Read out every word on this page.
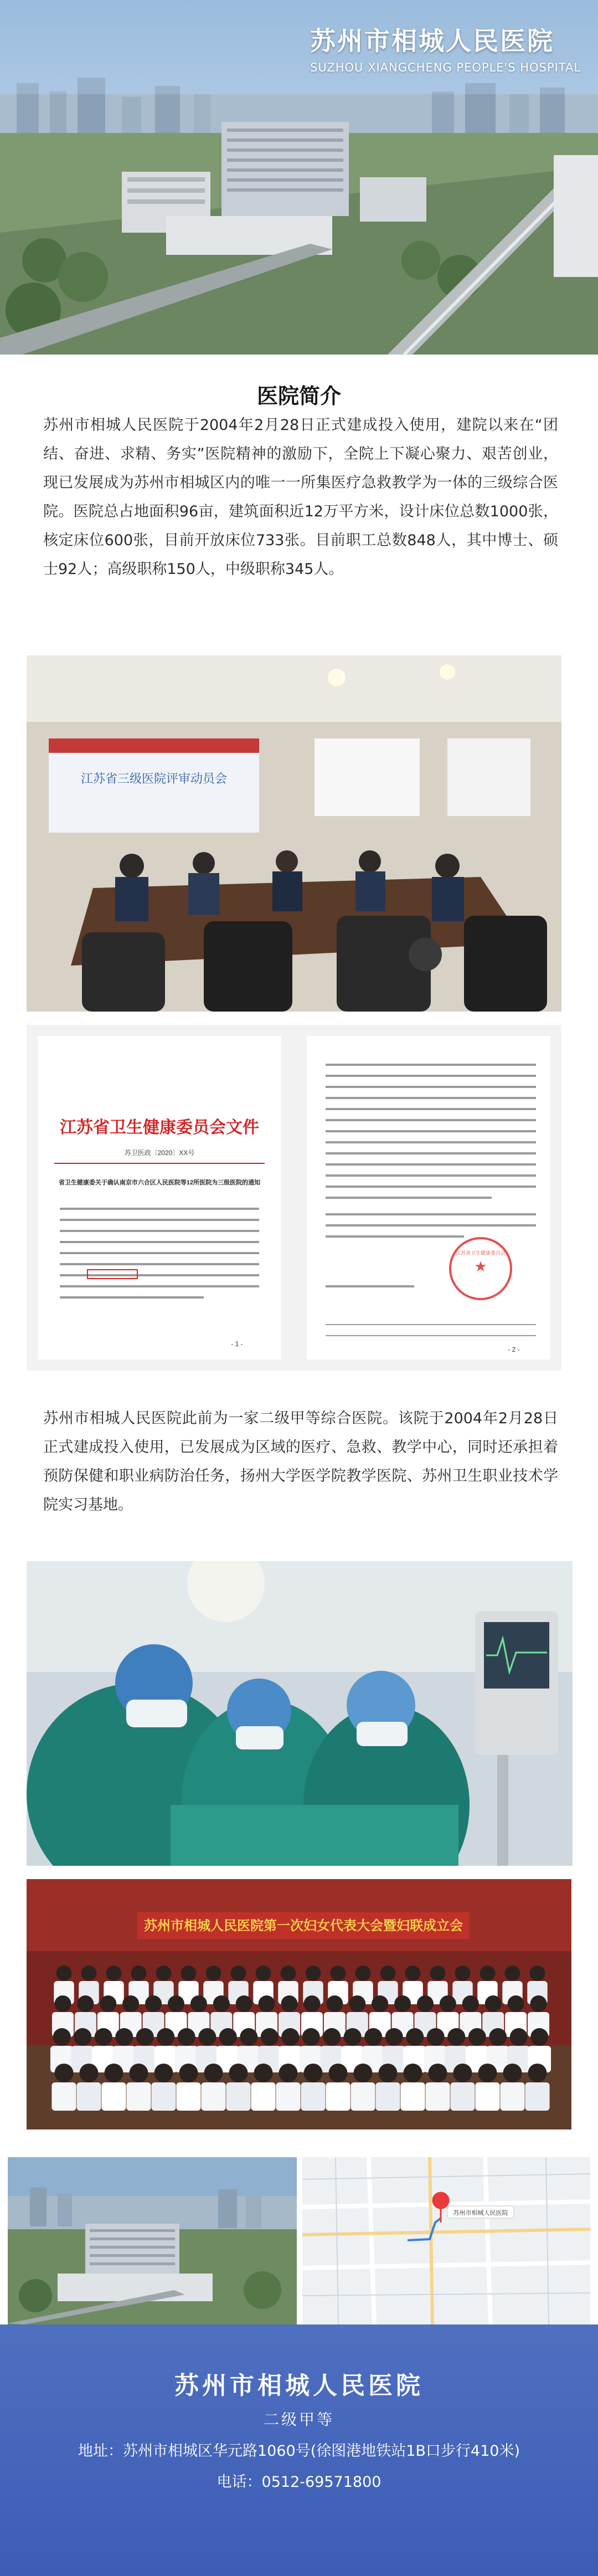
苏州市相城人民医院
SUZHOU XIANGCHENG PEOPLE'S HOSPITAL
医院简介
苏州市相城人民医院于2004年2月28日正式建成投入使用，建院以来在“团结、奋进、求精、务实”医院精神的激励下，全院上下凝心聚力、艰苦创业，现已发展成为苏州市相城区内的唯一一所集医疗急救教学为一体的三级综合医院。医院总占地面积96亩，建筑面积近12万平方米，设计床位总数1000张，核定床位600张，目前开放床位733张。目前职工总数848人，其中博士、硕士92人；高级职称150人，中级职称345人。
江苏省三级医院评审动员会
江苏省卫生健康委员会文件
苏卫医政〔2020〕XX号
省卫生健康委关于确认南京市六合区人民医院等12所医院为三级医院的通知
- 1 -
★
江苏省卫生健康委员会
- 2 -
苏州市相城人民医院此前为一家二级甲等综合医院。该院于2004年2月28日正式建成投入使用，已发展成为区域的医疗、急救、教学中心，同时还承担着预防保健和职业病防治任务，扬州大学医学院教学医院、苏州卫生职业技术学院实习基地。
苏州市相城人民医院第一次妇女代表大会暨妇联成立会
苏州市相城人民医院
苏州市相城人民医院
二级甲等
地址：苏州市相城区华元路1060号(徐图港地铁站1B口步行410米)
电话：0512-69571800
